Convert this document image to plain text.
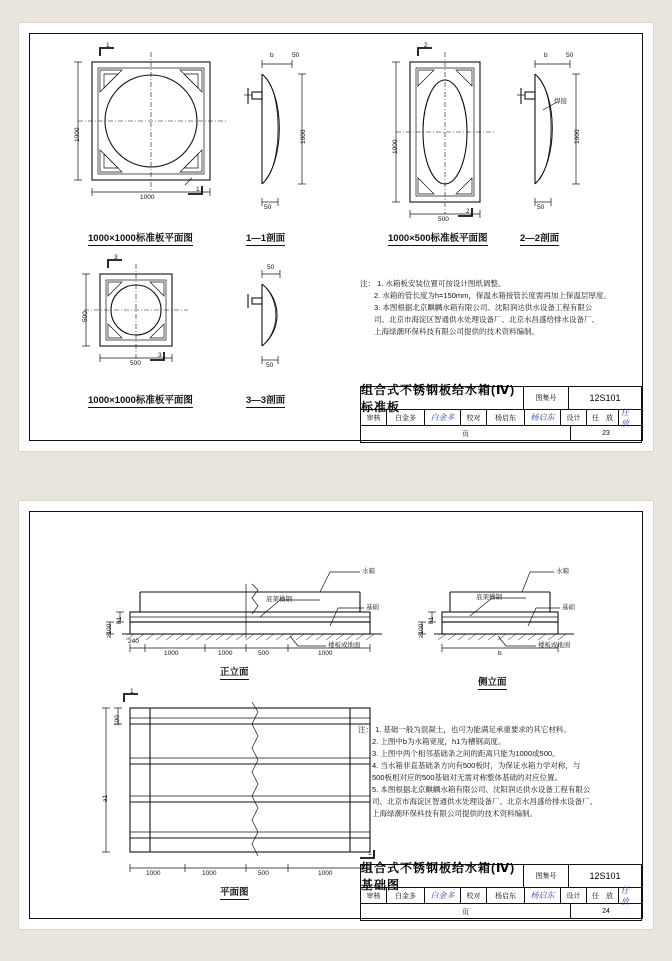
1
1
2
2
3
3
1000
1000
b	50
1000
50
1000
500
b	50
1000
50
焊接
500
500
50
50
1000×1000标准板平面图	1—1剖面	1000×500标准板平面图	2—2剖面
1000×1000标准板平面图	3—3剖面
注： 1. 水箱板安装位置可按设计图纸调整。
2. 水箱的管长度为h=150mm，保温水箱接管长度需再加上保温层厚度。
3. 本图根据北京麒麟水箱有限公司、沈阳润达供水设备工程有限公
司、北京市海淀区智通供水处理设备厂、北京水昌盛给排水设备厂、
上海绿潮环保科技有限公司提供的技术资料编制。
组合式不锈钢板给水箱(Ⅳ)标准板
图集号	12S101
审核	白金多	白金多	校对	杨启东	杨启东	设计	任　放
任　放
页	23
水箱
底架槽钢
基础
楼板或地面
h1
≥100
240
1000	1000	500	1000
水箱
底架槽钢
基础
楼板或地面
h1
≥100
b
100
a1
1000	1000	500	1000
1
1
正立面
侧立面
平面图
注： 1. 基础一般为混凝土，也可为能满足承重要求的其它材料。
2. 上图中b为水箱宽度，h1为槽钢高度。
3. 上图中两个相邻基础条之间的距离只能为1000或500。
4. 当水箱非直基础条方向有500板时，为保证水箱力学对称，与
500板相对应的500基础对无需对称整体基础的对应位置。
5. 本图根据北京麒麟水箱有限公司、沈阳润达供水设备工程有限公
司、北京市海淀区智通供水处理设备厂、北京水昌盛给排水设备厂、
上海绿潮环保科技有限公司提供的技术资料编制。
组合式不锈钢板给水箱(Ⅳ)基础图
图集号	12S101
审核	白金多	白金多	校对	杨启东	杨启东	设计	任　放
任　放
页	24
